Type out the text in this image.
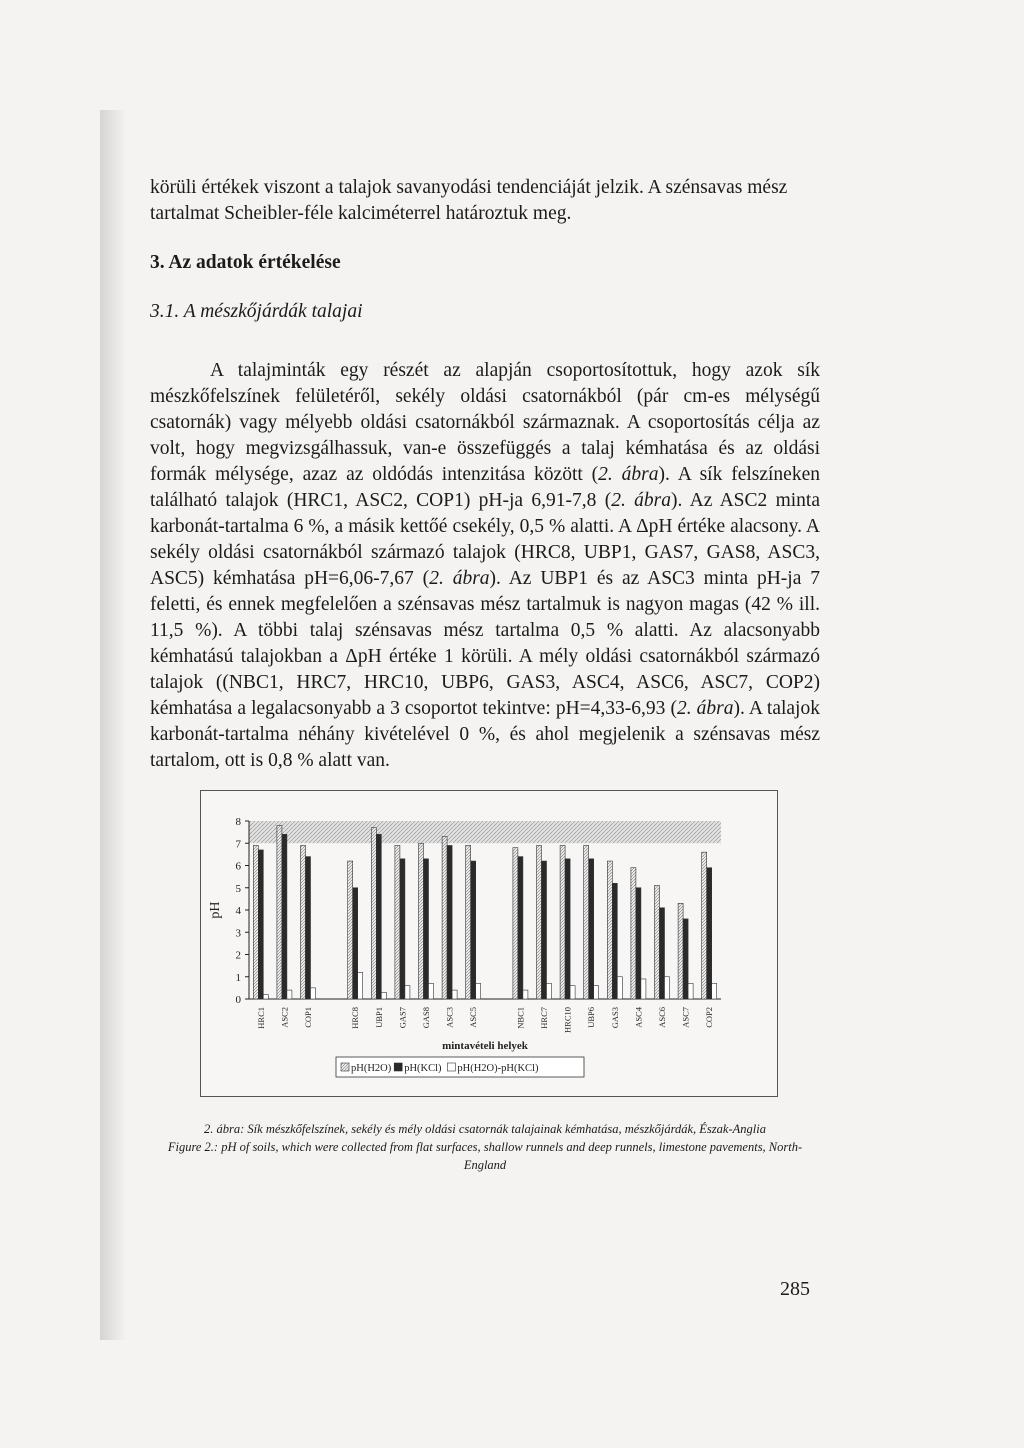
körüli értékek viszont a talajok savanyodási tendenciáját jelzik. A szénsavas mész tartalmat Scheibler-féle kalciméterrel határoztuk meg.
3. Az adatok értékelése
3.1. A mészkőjárdák talajai

A talajminták egy részét az alapján csoportosítottuk, hogy azok sík mészkőfelszínek felületéről, sekély oldási csatornákból (pár cm-es mélységű csatornák) vagy mélyebb oldási csatornákból származnak. A csoportosítás célja az volt, hogy megvizsgálhassuk, van-e összefüggés a talaj kémhatása és az oldási formák mélysége, azaz az oldódás intenzitása között (2. ábra). A sík felszíneken található talajok (HRC1, ASC2, COP1) pH-ja 6,91-7,8 (2. ábra). Az ASC2 minta karbonát-tartalma 6 %, a másik kettőé csekély, 0,5 % alatti. A ΔpH értéke alacsony. A sekély oldási csatornákból származó talajok (HRC8, UBP1, GAS7, GAS8, ASC3, ASC5) kémhatása pH=6,06-7,67 (2. ábra). Az UBP1 és az ASC3 minta pH-ja 7 feletti, és ennek megfelelően a szénsavas mész tartalmuk is nagyon magas (42 % ill. 11,5 %). A többi talaj szénsavas mész tartalma 0,5 % alatti. Az alacsonyabb kémhatású talajokban a ΔpH értéke 1 körüli. A mély oldási csatornákból származó talajok ((NBC1, HRC7, HRC10, UBP6, GAS3, ASC4, ASC6, ASC7, COP2) kémhatása a legalacsonyabb a 3 csoportot tekintve: pH=4,33-6,93 (2. ábra). A talajok karbonát-tartalma néhány kivételével 0 %, és ahol megjelenik a szénsavas mész tartalom, ott is 0,8 % alatt van.

0
1
2
3
4
5
6
7
8
pH
HRC1 ASC2 COP1	HRC8 UBP1 GAS7 GAS8 ASC3 ASC5	NBC1 HRC7 HRC10 UBP6 GAS3 ASC4 ASC6 ASC7 COP2
mintavételi helyek
pH(H2O) pH(KCl) pH(H2O)-pH(KCl)
2. ábra: Sík mészkőfelszínek, sekély és mély oldási csatornák talajainak kémhatása, mészkőjárdák, Észak-Anglia
Figure 2.: pH of soils, which were collected from flat surfaces, shallow runnels and deep runnels, limestone pavements, North-England
285
